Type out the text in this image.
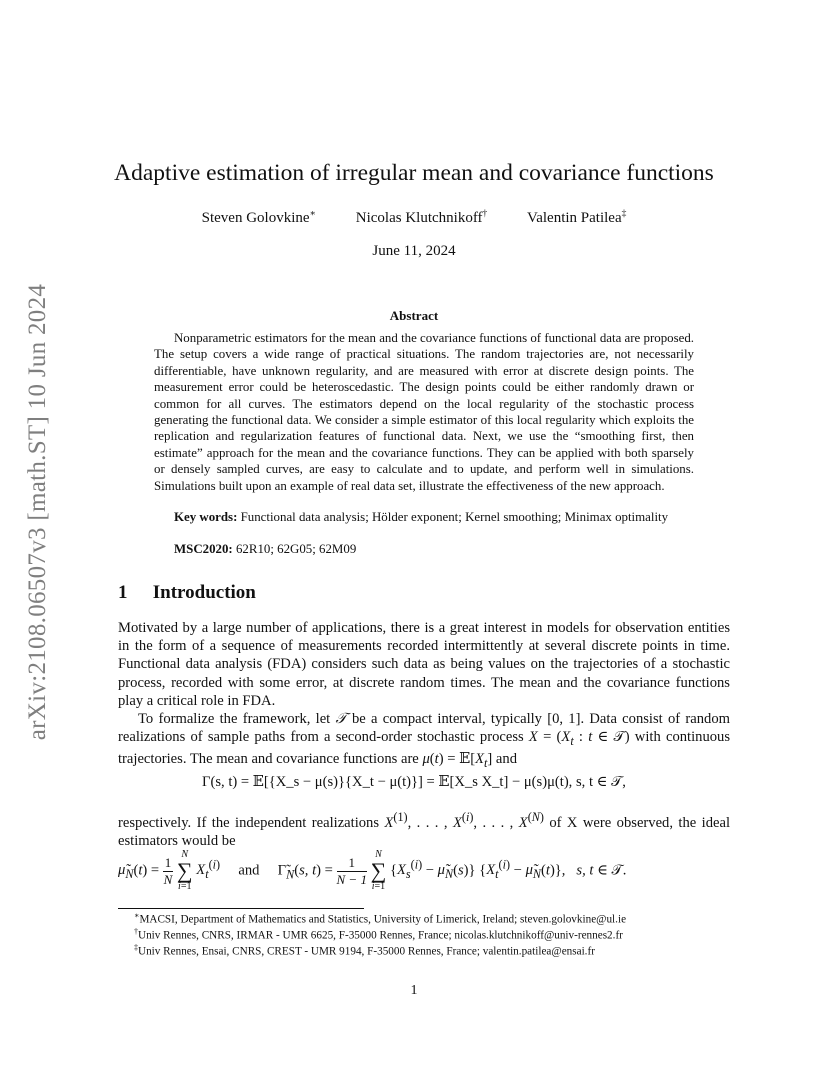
arXiv:2108.06507v3 [math.ST] 10 Jun 2024
Adaptive estimation of irregular mean and covariance functions
Steven Golovkine∗	Nicolas Klutchnikoff†	Valentin Patilea‡
June 11, 2024
Abstract

Nonparametric estimators for the mean and the covariance functions of functional data are proposed. The setup covers a wide range of practical situations. The random trajectories are, not necessarily differentiable, have unknown regularity, and are measured with error at discrete design points. The measurement error could be heteroscedastic. The design points could be either randomly drawn or common for all curves. The estimators depend on the local regularity of the stochastic process generating the functional data. We consider a simple estimator of this local regularity which exploits the replication and regularization features of functional data. Next, we use the “smoothing first, then estimate” approach for the mean and the covariance functions. They can be applied with both sparsely or densely sampled curves, are easy to calculate and to update, and perform well in simulations. Simulations built upon an example of real data set, illustrate the effectiveness of the new approach.

Key words: Functional data analysis; Hölder exponent; Kernel smoothing; Minimax optimality
MSC2020: 62R10; 62G05; 62M09
1 Introduction

Motivated by a large number of applications, there is a great interest in models for observation entities in the form of a sequence of measurements recorded intermittently at several discrete points in time. Functional data analysis (FDA) considers such data as being values on the trajectories of a stochastic process, recorded with some error, at discrete random times. The mean and the covariance functions play a critical role in FDA.

To formalize the framework, let 𝒯 be a compact interval, typically [0, 1]. Data consist of random realizations of sample paths from a second-order stochastic process $X = (X_t$ : t ∈ 𝒯) with continuous trajectories. The mean and covariance functions are $\mu(t) = 𝔼[X_t]$ and

Γ(s, t) = 𝔼[{X_s − μ(s)}{X_t − μ(t)}] = 𝔼[X_s X_t] − μ(s)μ(t), s, t ∈ 𝒯,

respectively. If the independent realizations $X^{(1)}$, . . . , $X^{(i)}$, . . . , $X^{(N)}$ of X were observed, the ideal estimators would be

$\mũ_N(t) = \frac{1}{N}$ N
∑
i=1 $X_t^{(i)}$ and     $\Gammã_N(s$, $t) = \frac{1}{N - 1}$ N
∑
i=1 {$X_s^{(i)}$ − $\mũ_N(s)$} {$X_t^{(i)}$ − $\mũ_N(t)$},   s, t ∈ 𝒯.
∗MACSI, Department of Mathematics and Statistics, University of Limerick, Ireland; steven.golovkine@ul.ie
†Univ Rennes, CNRS, IRMAR - UMR 6625, F-35000 Rennes, France; nicolas.klutchnikoff@univ-rennes2.fr
‡Univ Rennes, Ensai, CNRS, CREST - UMR 9194, F-35000 Rennes, France; valentin.patilea@ensai.fr
1
